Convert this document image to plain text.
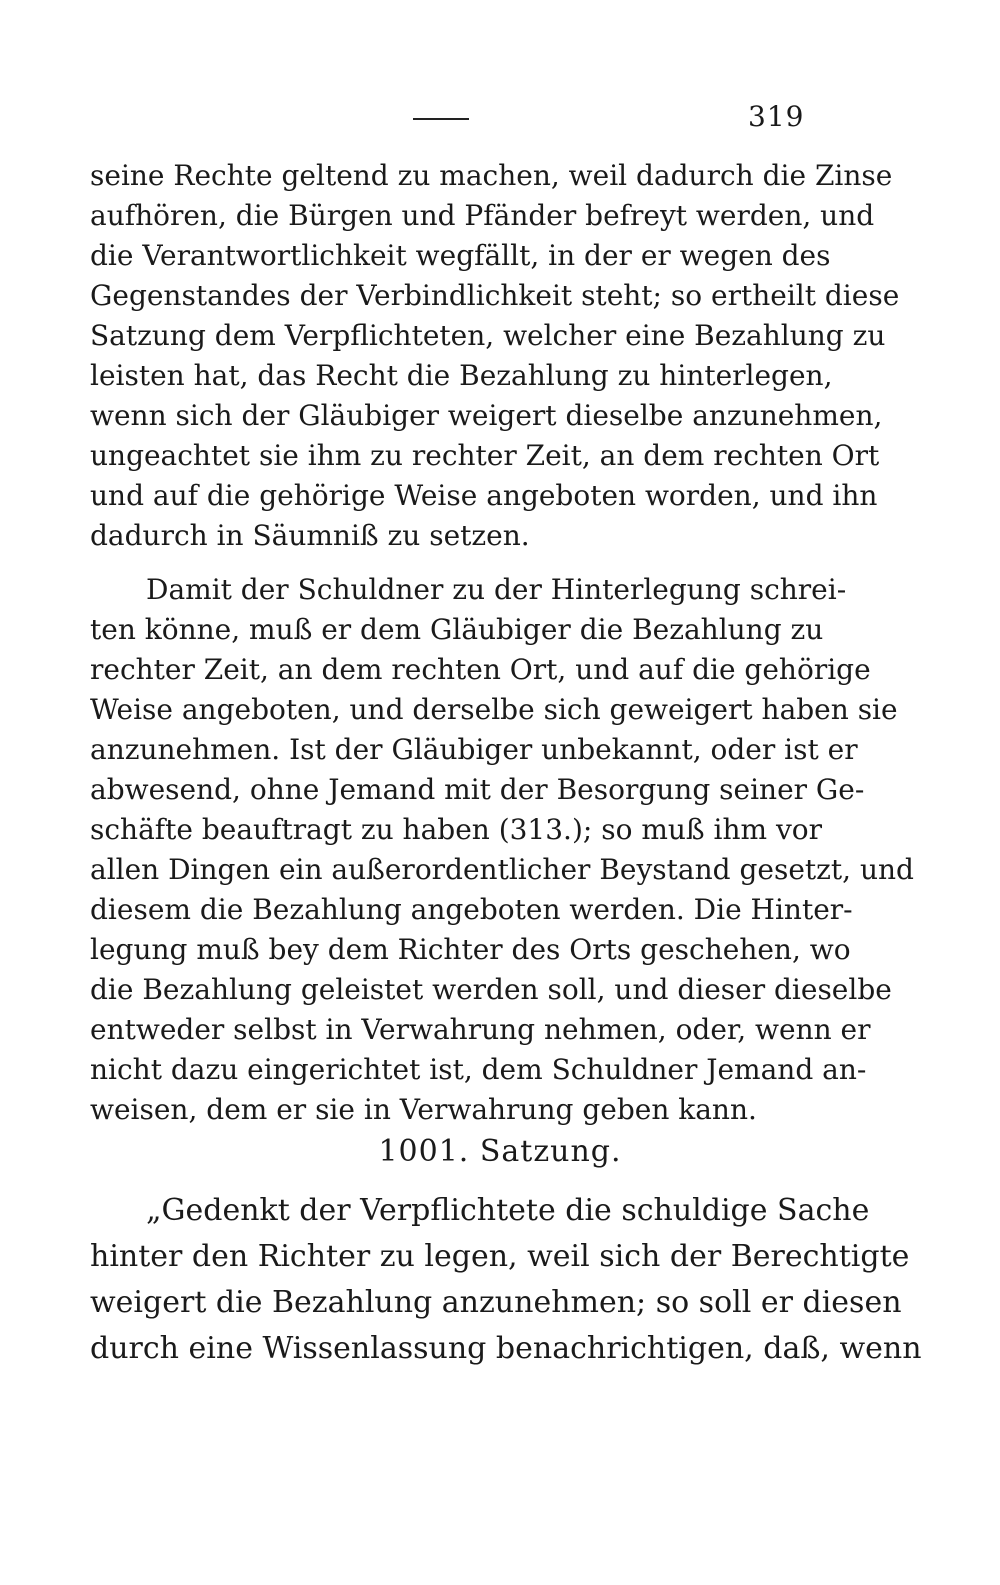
319
seine Rechte geltend zu machen, weil dadurch die Zinse
aufhören, die Bürgen und Pfänder befreyt werden, und
die Verantwortlichkeit wegfällt, in der er wegen des
Gegenstandes der Verbindlichkeit steht; so ertheilt diese
Satzung dem Verpflichteten, welcher eine Bezahlung zu
leisten hat, das Recht die Bezahlung zu hinterlegen,
wenn sich der Gläubiger weigert dieselbe anzunehmen,
ungeachtet sie ihm zu rechter Zeit, an dem rechten Ort
und auf die gehörige Weise angeboten worden, und ihn
dadurch in Säumniß zu setzen.
Damit der Schuldner zu der Hinterlegung schrei-
ten könne, muß er dem Gläubiger die Bezahlung zu
rechter Zeit, an dem rechten Ort, und auf die gehörige
Weise angeboten, und derselbe sich geweigert haben sie
anzunehmen. Ist der Gläubiger unbekannt, oder ist er
abwesend, ohne Jemand mit der Besorgung seiner Ge-
schäfte beauftragt zu haben (313.); so muß ihm vor
allen Dingen ein außerordentlicher Beystand gesetzt, und
diesem die Bezahlung angeboten werden. Die Hinter-
legung muß bey dem Richter des Orts geschehen, wo
die Bezahlung geleistet werden soll, und dieser dieselbe
entweder selbst in Verwahrung nehmen, oder, wenn er
nicht dazu eingerichtet ist, dem Schuldner Jemand an-
weisen, dem er sie in Verwahrung geben kann.
1001. Satzung.
„Gedenkt der Verpflichtete die schuldige Sache
hinter den Richter zu legen, weil sich der Berechtigte
weigert die Bezahlung anzunehmen; so soll er diesen
durch eine Wissenlassung benachrichtigen, daß, wenn
